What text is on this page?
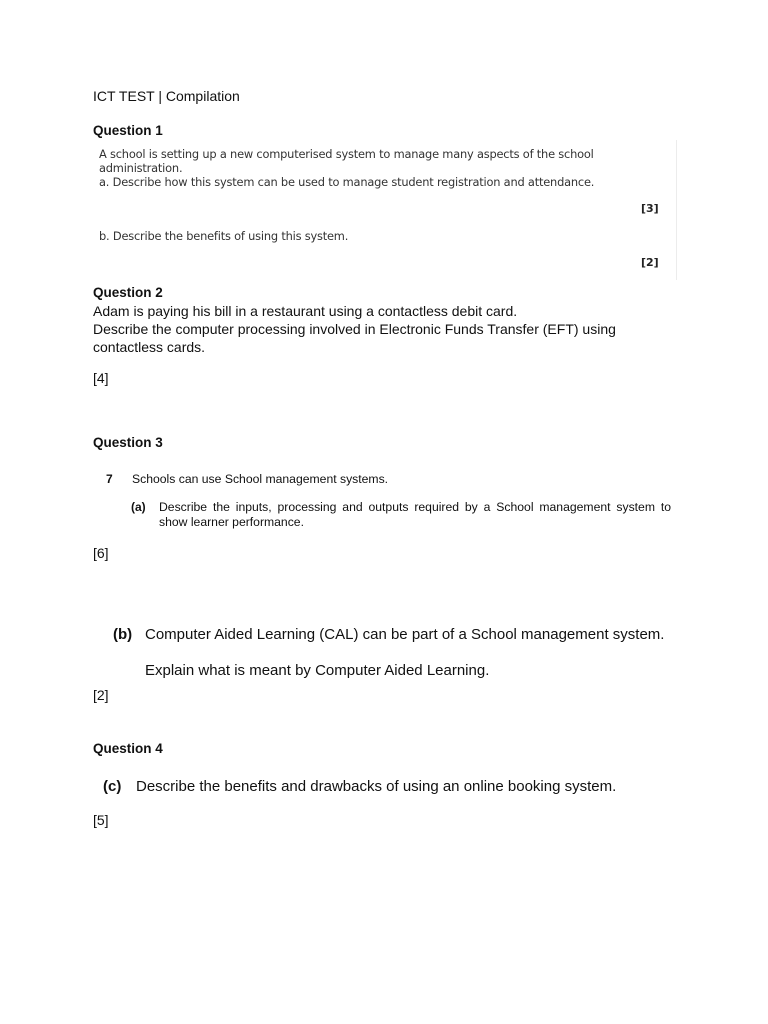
ICT TEST | Compilation
Question 1
A school is setting up a new computerised system to manage many aspects of the school administration.
a. Describe how this system can be used to manage student registration and attendance.
[3]
b. Describe the benefits of using this system.
[2]
Question 2
Adam is paying his bill in a restaurant using a contactless debit card.
Describe the computer processing involved in Electronic Funds Transfer (EFT) using
contactless cards.
[4]
Question 3
7 Schools can use School management systems.
(a) Describe the inputs, processing and outputs required by a School management system to
show learner performance.
[6]
(b) Computer Aided Learning (CAL) can be part of a School management system.
Explain what is meant by Computer Aided Learning.
[2]
Question 4
(c) Describe the benefits and drawbacks of using an online booking system.
[5]
